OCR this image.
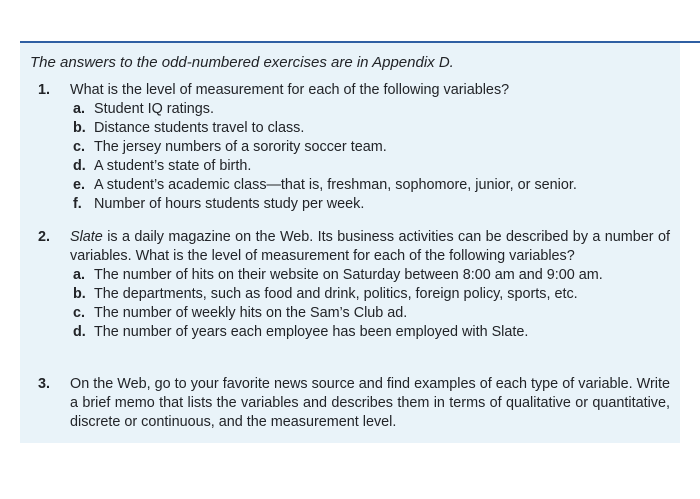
The answers to the odd-numbered exercises are in Appendix D.
1. What is the level of measurement for each of the following variables?
a. Student IQ ratings.
b. Distance students travel to class.
c. The jersey numbers of a sorority soccer team.
d. A student’s state of birth.
e. A student’s academic class—that is, freshman, sophomore, junior, or senior.
f. Number of hours students study per week.
2. Slate is a daily magazine on the Web. Its business activities can be described by a number of variables. What is the level of measurement for each of the following variables?
a. The number of hits on their website on Saturday between 8:00 am and 9:00 am.
b. The departments, such as food and drink, politics, foreign policy, sports, etc.
c. The number of weekly hits on the Sam’s Club ad.
d. The number of years each employee has been employed with Slate.
3. On the Web, go to your favorite news source and find examples of each type of variable. Write a brief memo that lists the variables and describes them in terms of qualitative or quantitative, discrete or continuous, and the measurement level.
